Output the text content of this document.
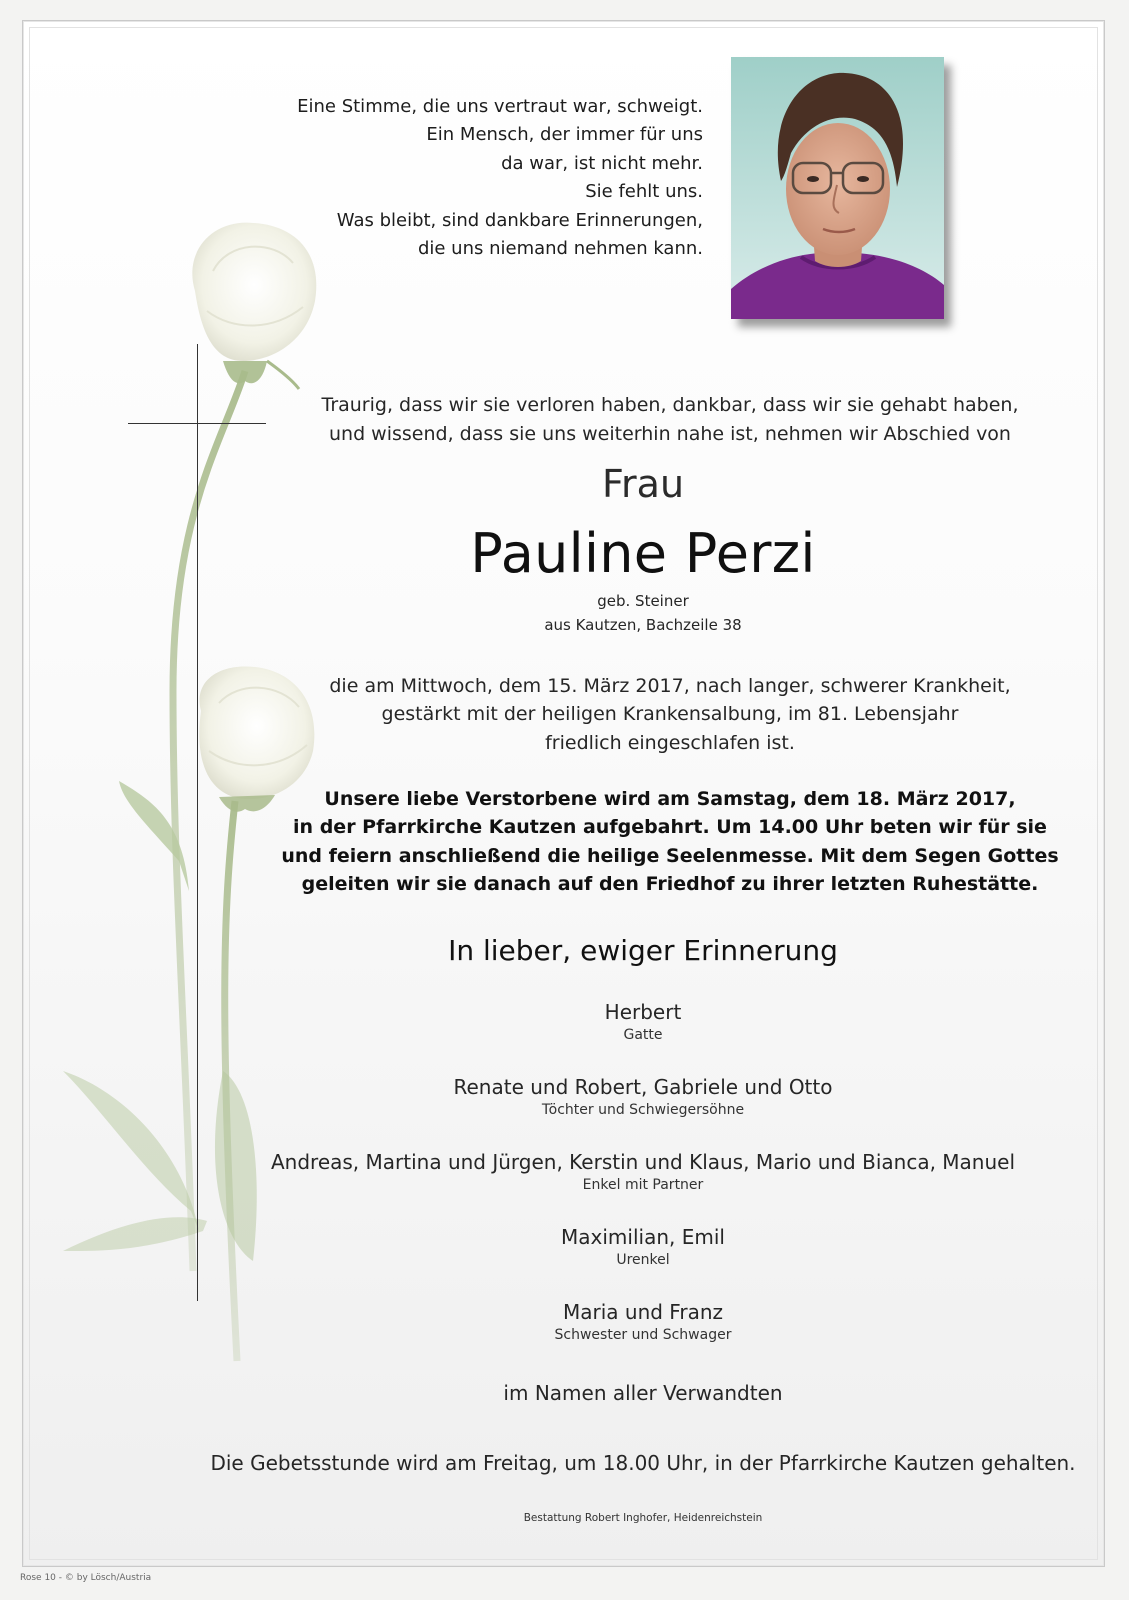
Eine Stimme, die uns vertraut war, schweigt.
Ein Mensch, der immer für uns
da war, ist nicht mehr.
Sie fehlt uns.
Was bleibt, sind dankbare Erinnerungen,
die uns niemand nehmen kann.
Traurig, dass wir sie verloren haben, dankbar, dass wir sie gehabt haben,
und wissend, dass sie uns weiterhin nahe ist, nehmen wir Abschied von
Frau
Pauline Perzi
geb. Steiner
aus Kautzen, Bachzeile 38
die am Mittwoch, dem 15. März 2017, nach langer, schwerer Krankheit,
gestärkt mit der heiligen Krankensalbung, im 81. Lebensjahr
friedlich eingeschlafen ist.
Unsere liebe Verstorbene wird am Samstag, dem 18. März 2017,
in der Pfarrkirche Kautzen aufgebahrt. Um 14.00 Uhr beten wir für sie
und feiern anschließend die heilige Seelenmesse. Mit dem Segen Gottes
geleiten wir sie danach auf den Friedhof zu ihrer letzten Ruhestätte.
In lieber, ewiger Erinnerung
Herbert
Gatte
Renate und Robert, Gabriele und Otto
Töchter und Schwiegersöhne
Andreas, Martina und Jürgen, Kerstin und Klaus, Mario und Bianca, Manuel
Enkel mit Partner
Maximilian, Emil
Urenkel
Maria und Franz
Schwester und Schwager
im Namen aller Verwandten
Die Gebetsstunde wird am Freitag, um 18.00 Uhr, in der Pfarrkirche Kautzen gehalten.
Bestattung Robert Inghofer, Heidenreichstein
Rose 10 - © by Lösch/Austria
